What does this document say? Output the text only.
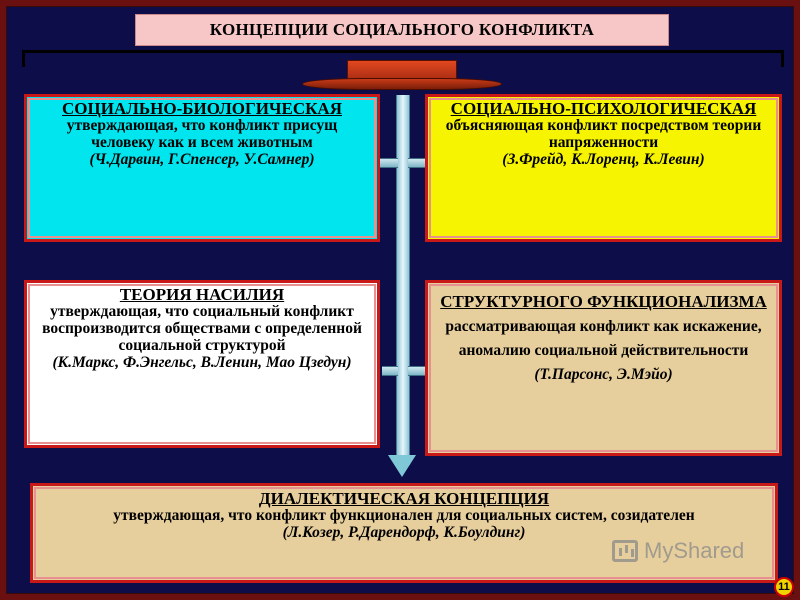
КОНЦЕПЦИИ СОЦИАЛЬНОГО КОНФЛИКТА
СОЦИАЛЬНО-БИОЛОГИЧЕСКАЯ
утверждающая, что конфликт присущ человеку как и всем животным
(Ч.Дарвин, Г.Спенсер, У.Самнер)
СОЦИАЛЬНО-ПСИХОЛОГИЧЕСКАЯ
объясняющая конфликт посредством теории напряженности
(З.Фрейд, К.Лоренц, К.Левин)
ТЕОРИЯ НАСИЛИЯ
утверждающая, что социальный конфликт воспроизводится обществами с определенной социальной структурой
(К.Маркс, Ф.Энгельс, В.Ленин, Мао Цзедун)
СТРУКТУРНОГО ФУНКЦИОНАЛИЗМА
рассматривающая конфликт как искажение, аномалию социальной действительности
(Т.Парсонс, Э.Мэйо)
ДИАЛЕКТИЧЕСКАЯ КОНЦЕПЦИЯ
утверждающая, что конфликт функционален для социальных систем, созидателен
(Л.Козер, Р.Дарендорф, К.Боулдинг)
MyShared
11
